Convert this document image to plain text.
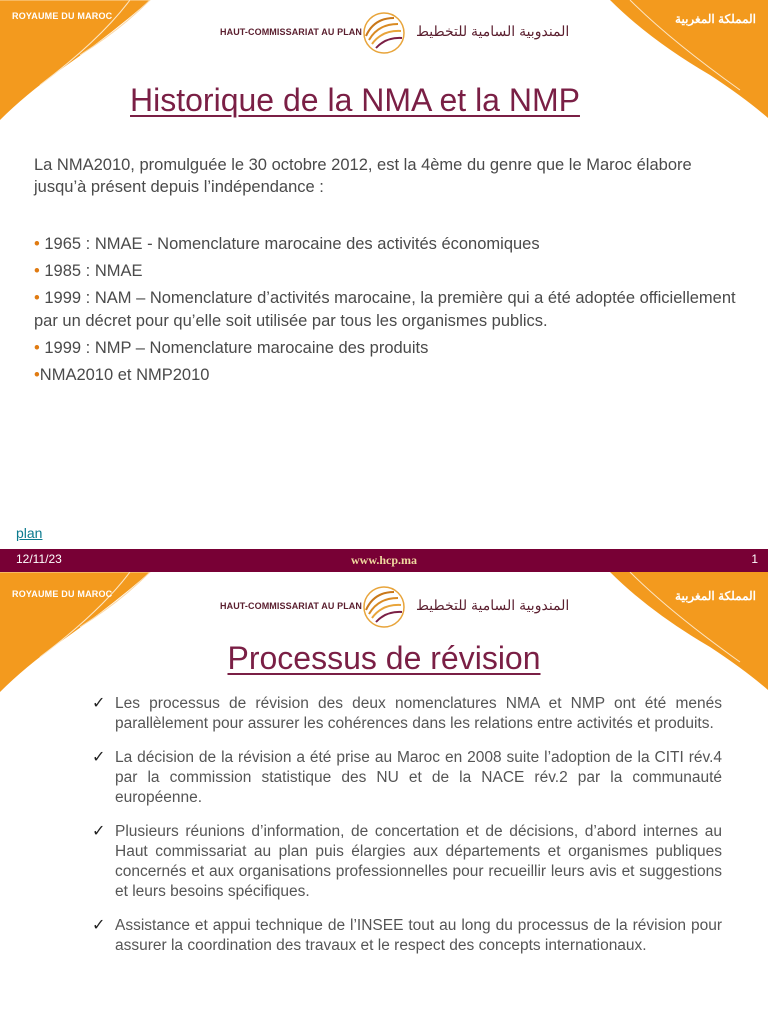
ROYAUME DU MAROC	المملكة المغربية
HAUT-COMMISSARIAT AU PLAN	المندوبية السامية للتخطيط
Historique de la NMA et la NMP

La NMA2010, promulguée le 30 octobre 2012, est la 4ème du genre que le Maroc élabore jusqu’à présent depuis l’indépendance :

• 1965 : NMAE - Nomenclature marocaine des activités économiques
• 1985 : NMAE
• 1999 : NAM – Nomenclature d’activités marocaine, la première qui a été adoptée officiellement par un décret pour qu’elle soit utilisée par tous les organismes publics.
• 1999 : NMP – Nomenclature marocaine des produits
•NMA2010 et NMP2010
plan
12/11/23	www.hcp.ma	1
ROYAUME DU MAROC	المملكة المغربية
HAUT-COMMISSARIAT AU PLAN	المندوبية السامية للتخطيط
Processus de révision
✓ Les processus de révision des deux nomenclatures NMA et NMP ont été menés parallèlement pour assurer les cohérences dans les relations entre activités et produits.
✓ La décision de la révision a été prise au Maroc en 2008 suite l’adoption de la CITI rév.4 par la commission statistique des NU et de la NACE rév.2 par la communauté européenne.
✓ Plusieurs réunions d’information, de concertation et de décisions, d’abord internes au Haut commissariat au plan puis élargies aux départements et organismes publiques concernés et aux organisations professionnelles pour recueillir leurs avis et suggestions et leurs besoins spécifiques.
✓ Assistance et appui technique de l’INSEE tout au long du processus de la révision pour assurer la coordination des travaux et le respect des concepts internationaux.
